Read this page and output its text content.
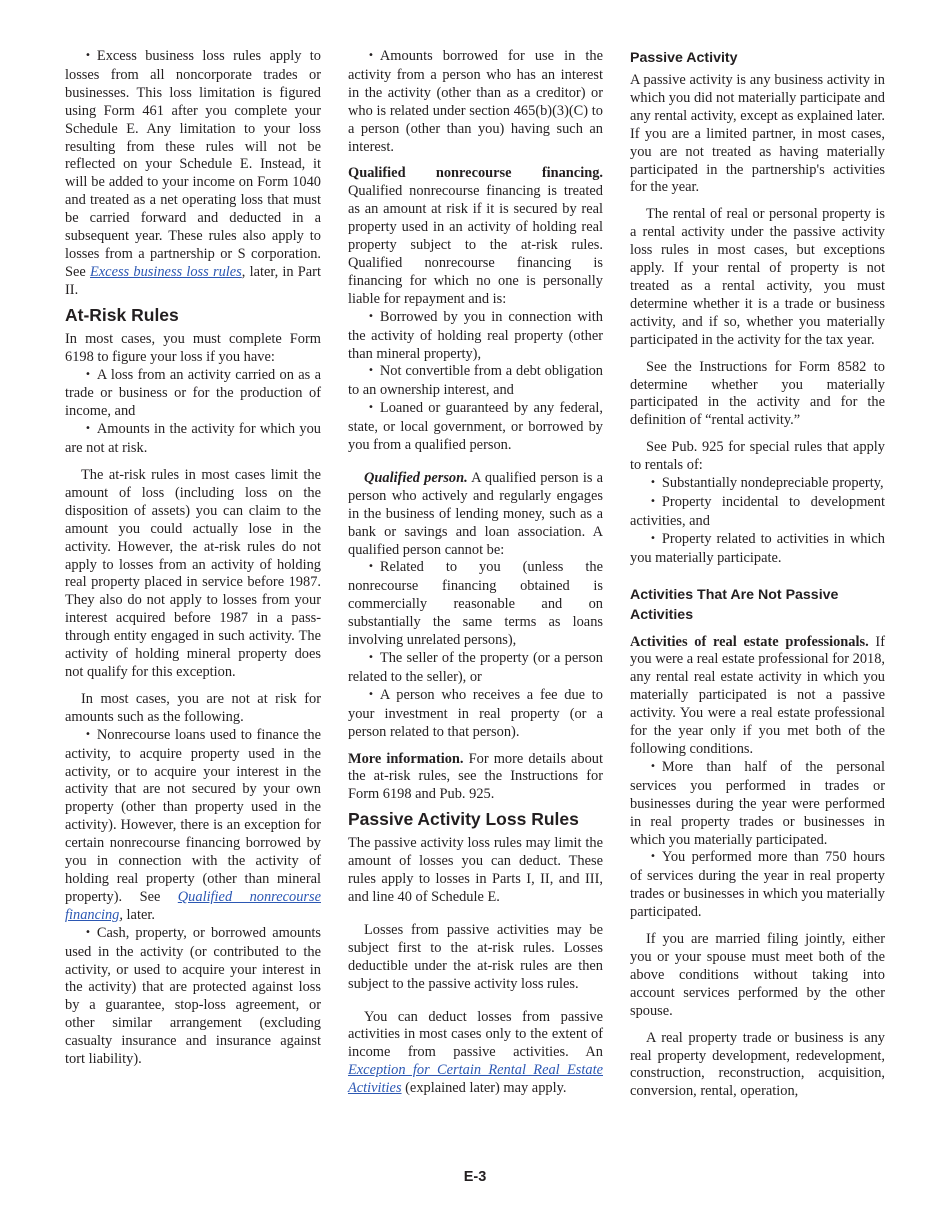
• Excess business loss rules apply to losses from all noncorporate trades or businesses. This loss limitation is figured using Form 461 after you complete your Schedule E. Any limitation to your loss resulting from these rules will not be reflected on your Schedule E. Instead, it will be added to your income on Form 1040 and treated as a net operating loss that must be carried forward and deducted in a subsequent year. These rules also apply to losses from a partnership or S corporation. See Excess business loss rules, later, in Part II.

At-Risk Rules

In most cases, you must complete Form 6198 to figure your loss if you have:

• A loss from an activity carried on as a trade or business or for the production of income, and

• Amounts in the activity for which you are not at risk.

The at-risk rules in most cases limit the amount of loss (including loss on the disposition of assets) you can claim to the amount you could actually lose in the activity. However, the at-risk rules do not apply to losses from an activity of holding real property placed in service before 1987. They also do not apply to losses from your interest acquired before 1987 in a pass-through entity engaged in such activity. The activity of holding mineral property does not qualify for this exception.

In most cases, you are not at risk for amounts such as the following.

• Nonrecourse loans used to finance the activity, to acquire property used in the activity, or to acquire your interest in the activity that are not secured by your own property (other than property used in the activity). However, there is an exception for certain nonrecourse financing borrowed by you in connection with the activity of holding real property (other than mineral property). See Qualified nonrecourse financing, later.

• Cash, property, or borrowed amounts used in the activity (or contributed to the activity, or used to acquire your interest in the activity) that are protected against loss by a guarantee, stop-loss agreement, or other similar arrangement (excluding casualty insurance and insurance against tort liability).

• Amounts borrowed for use in the activity from a person who has an interest in the activity (other than as a creditor) or who is related under section 465(b)(3)(C) to a person (other than you) having such an interest.

Qualified nonrecourse financing. Qualified nonrecourse financing is treated as an amount at risk if it is secured by real property used in an activity of holding real property subject to the at-risk rules. Qualified nonrecourse financing is financing for which no one is personally liable for repayment and is:

• Borrowed by you in connection with the activity of holding real property (other than mineral property),

• Not convertible from a debt obligation to an ownership interest, and

• Loaned or guaranteed by any federal, state, or local government, or borrowed by you from a qualified person.

Qualified person. A qualified person is a person who actively and regularly engages in the business of lending money, such as a bank or savings and loan association. A qualified person cannot be:

• Related to you (unless the nonrecourse financing obtained is commercially reasonable and on substantially the same terms as loans involving unrelated persons),

• The seller of the property (or a person related to the seller), or

• A person who receives a fee due to your investment in real property (or a person related to that person).

More information. For more details about the at-risk rules, see the Instructions for Form 6198 and Pub. 925.

Passive Activity Loss Rules

The passive activity loss rules may limit the amount of losses you can deduct. These rules apply to losses in Parts I, II, and III, and line 40 of Schedule E.

Losses from passive activities may be subject first to the at-risk rules. Losses deductible under the at-risk rules are then subject to the passive activity loss rules.

You can deduct losses from passive activities in most cases only to the extent of income from passive activities. An Exception for Certain Rental Real Estate Activities (explained later) may apply.

Passive Activity

A passive activity is any business activity in which you did not materially participate and any rental activity, except as explained later. If you are a limited partner, in most cases, you are not treated as having materially participated in the partnership's activities for the year.

The rental of real or personal property is a rental activity under the passive activity loss rules in most cases, but exceptions apply. If your rental of property is not treated as a rental activity, you must determine whether it is a trade or business activity, and if so, whether you materially participated in the activity for the tax year.

See the Instructions for Form 8582 to determine whether you materially participated in the activity and for the definition of “rental activity.”

See Pub. 925 for special rules that apply to rentals of:

• Substantially nondepreciable property,

• Property incidental to development activities, and

• Property related to activities in which you materially participate.

Activities That Are Not Passive Activities

Activities of real estate professionals. If you were a real estate professional for 2018, any rental real estate activity in which you materially participated is not a passive activity. You were a real estate professional for the year only if you met both of the following conditions.

• More than half of the personal services you performed in trades or businesses during the year were performed in real property trades or businesses in which you materially participated.

• You performed more than 750 hours of services during the year in real property trades or businesses in which you materially participated.

If you are married filing jointly, either you or your spouse must meet both of the above conditions without taking into account services performed by the other spouse.

A real property trade or business is any real property development, redevelopment, construction, reconstruction, acquisition, conversion, rental, operation,

E-3
